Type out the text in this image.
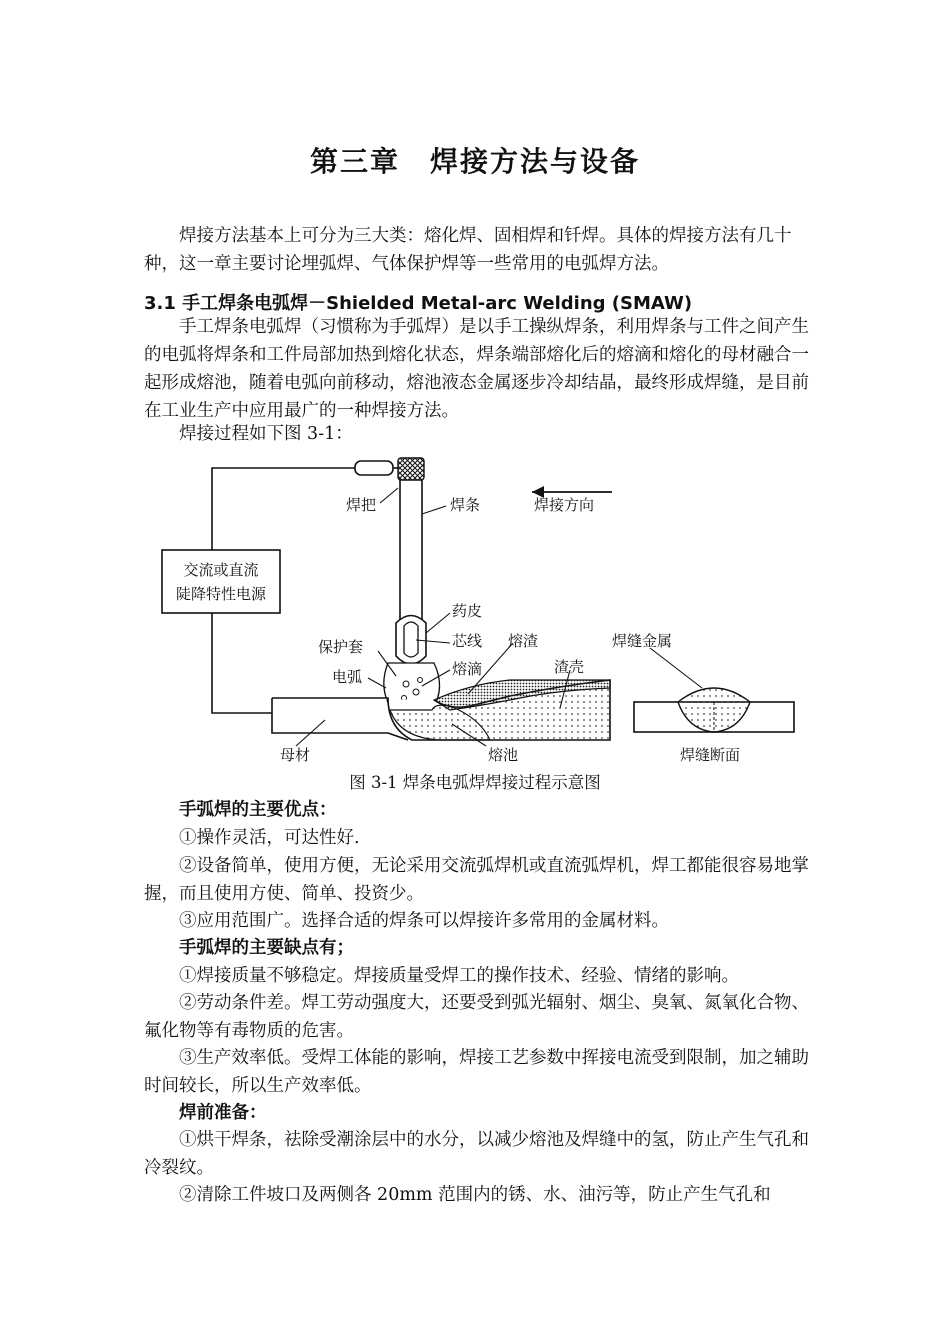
第三章　焊接方法与设备

焊接方法基本上可分为三大类：熔化焊、固相焊和钎焊。具体的焊接方法有几十种，这一章主要讨论埋弧焊、气体保护焊等一些常用的电弧焊方法。

3.1 手工焊条电弧焊－Shielded Metal-arc Welding (SMAW)

手工焊条电弧焊（习惯称为手弧焊）是以手工操纵焊条，利用焊条与工件之间产生的电弧将焊条和工件局部加热到熔化状态，焊条端部熔化后的熔滴和熔化的母材融合一起形成熔池，随着电弧向前移动，熔池液态金属逐步冷却结晶，最终形成焊缝，是目前在工业生产中应用最广的一种焊接方法。

焊接过程如下图 3-1：

交流或直流
陡降特性电源
焊把	焊条	焊接方向
药皮
芯线
保护套
电弧	熔滴
熔渣
渣壳
焊缝金属
母材	熔池	焊缝断面
图 3-1 焊条电弧焊焊接过程示意图

手弧焊的主要优点：

①操作灵活，可达性好.

②设备简单，使用方便，无论采用交流弧焊机或直流弧焊机，焊工都能很容易地掌握，而且使用方使、简单、投资少。

③应用范围广。选择合适的焊条可以焊接许多常用的金属材料。

手弧焊的主要缺点有；

①焊接质量不够稳定。焊接质量受焊工的操作技术、经验、情绪的影响。

②劳动条件差。焊工劳动强度大，还要受到弧光辐射、烟尘、臭氧、氮氧化合物、氟化物等有毒物质的危害。

③生产效率低。受焊工体能的影响，焊接工艺参数中挥接电流受到限制，加之辅助时间较长，所以生产效率低。

焊前准备：

①烘干焊条，祛除受潮涂层中的水分，以减少熔池及焊缝中的氢，防止产生气孔和冷裂纹。

②清除工件坡口及两侧各 20mm 范围内的锈、水、油污等，防止产生气孔和
